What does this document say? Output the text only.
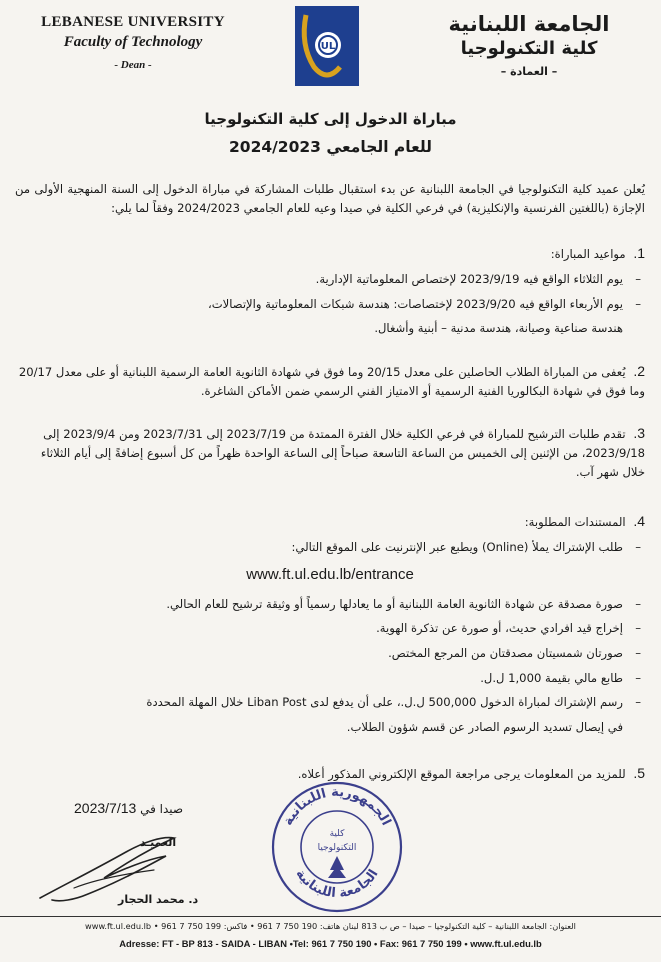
LEBANESE UNIVERSITY
Faculty of Technology
- Dean -
UL
الجامعة اللبنانية
كلية التكنولوجيا
– العمادة –
مباراة الدخول إلى كلية التكنولوجيا
للعام الجامعي 2024/2023
يُعلن عميد كلية التكنولوجيا في الجامعة اللبنانية عن بدء استقبال طلبات المشاركة في مباراة الدخول إلى السنة المنهجية الأولى من الإجازة (باللغتين الفرنسية والإنكليزية) في فرعي الكلية في صيدا وعيه للعام الجامعي 2024/2023 وفقاً لما يلي:
1. مواعيد المباراة:
– يوم الثلاثاء الواقع فيه 2023/9/19 لإختصاص المعلوماتية الإدارية.
– يوم الأربعاء الواقع فيه 2023/9/20 لإختصاصات: هندسة شبكات المعلوماتية والإتصالات،
هندسة صناعية وصيانة، هندسة مدنية – أبنية وأشغال.
2. يُعفى من المباراة الطلاب الحاصلين على معدل 20/15 وما فوق في شهادة الثانوية العامة الرسمية اللبنانية أو على معدل 20/17 وما فوق في شهادة البكالوريا الفنية الرسمية أو الامتياز الفني الرسمي ضمن الأماكن الشاغرة.
3. تقدم طلبات الترشيح للمباراة في فرعي الكلية خلال الفترة الممتدة من 2023/7/19 إلى 2023/7/31 ومن 2023/9/4 إلى 2023/9/18، من الإثنين إلى الخميس من الساعة التاسعة صباحاً إلى الساعة الواحدة ظهراً من كل أسبوع إضافةً إلى أيام الثلاثاء خلال شهر آب.
4. المستندات المطلوبة:
– طلب الإشتراك يملأ (Online) ويطبع عبر الإنترنيت على الموقع التالي:
www.ft.ul.edu.lb/entrance
– صورة مصدقة عن شهادة الثانوية العامة اللبنانية أو ما يعادلها رسمياً أو وثيقة ترشيح للعام الحالي.
– إخراج قيد افرادي حديث، أو صورة عن تذكرة الهوية.
– صورتان شمسيتان مصدقتان من المرجع المختص.
– طابع مالي بقيمة 1,000 ل.ل.
– رسم الإشتراك لمباراة الدخول 500,000 ل.ل.، على أن يدفع لدى Liban Post خلال المهلة المحددة
في إيصال تسديد الرسوم الصادر عن قسم شؤون الطلاب.
5. للمزيد من المعلومات يرجى مراجعة الموقع الإلكتروني المذكور أعلاه.
صيدا في 2023/7/13
العميـد
د. محمد الحجار
الجمهورية اللبنانية
الجامعة اللبنانية
كلية
التكنولوجيا
العنوان: الجامعة اللبنانية – كلية التكنولوجيا – صيدا – ص ب 813 لبنان هاتف: 190 750 7 961 • فاكس: 199 750 7 961 • www.ft.ul.edu.lb
Adresse: FT - BP 813 - SAIDA - LIBAN •Tel: 961 7 750 190 • Fax: 961 7 750 199 • www.ft.ul.edu.lb
